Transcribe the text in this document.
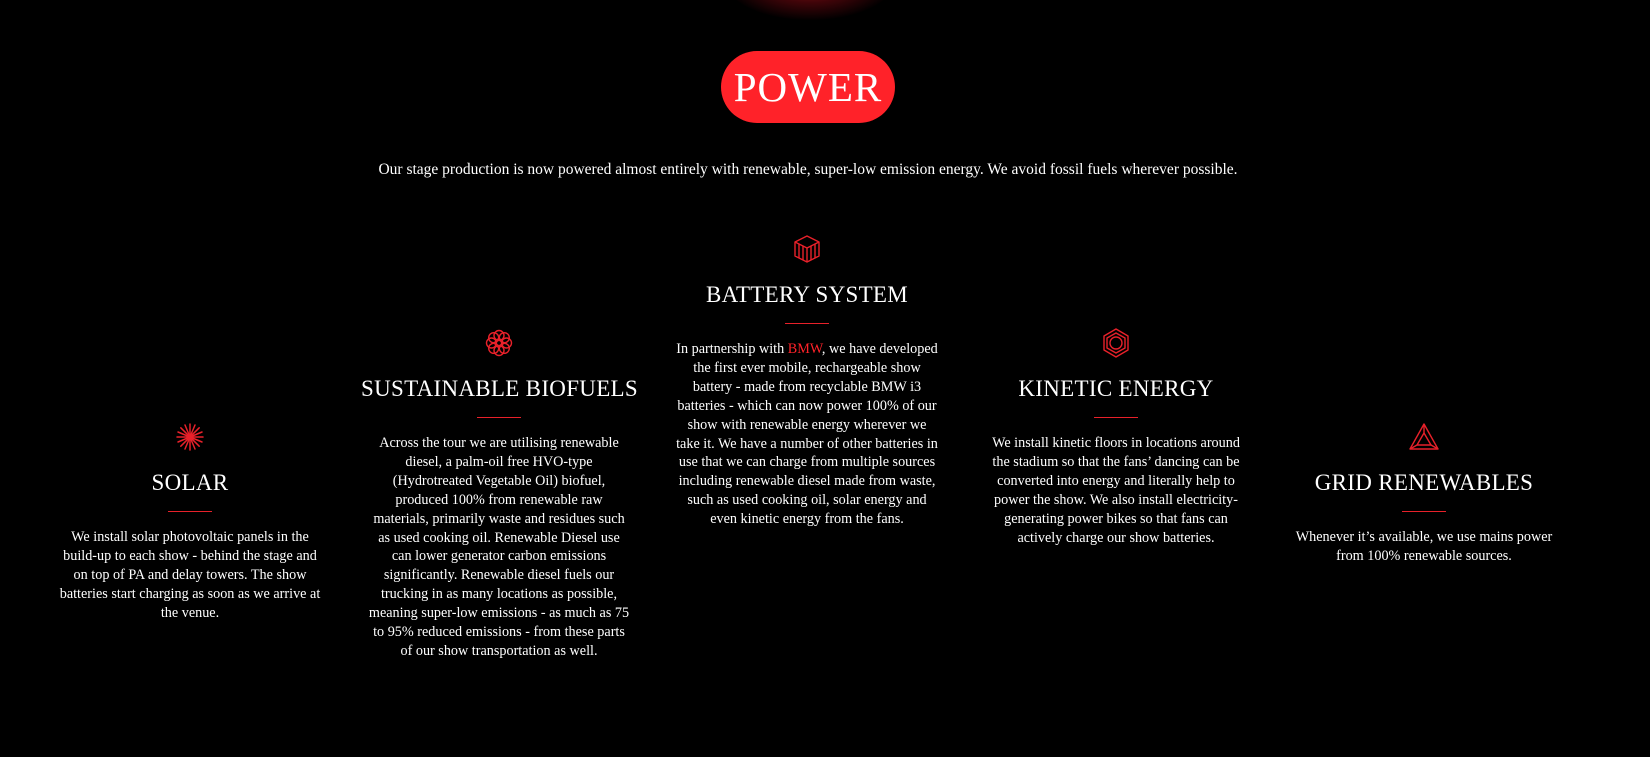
POWER
Our stage production is now powered almost entirely with renewable, super-low emission energy. We avoid fossil fuels wherever possible.
SOLAR
We install solar photovoltaic panels in the build-up to each show - behind the stage and on top of PA and delay towers. The show batteries start charging as soon as we arrive at the venue.
SUSTAINABLE BIOFUELS
Across the tour we are utilising renewable diesel, a palm-oil free HVO-type (Hydrotreated Vegetable Oil) biofuel, produced 100% from renewable raw materials, primarily waste and residues such as used cooking oil. Renewable Diesel use can lower generator carbon emissions significantly. Renewable diesel fuels our trucking in as many locations as possible, meaning super-low emissions - as much as 75 to 95% reduced emissions - from these parts of our show transportation as well.
BATTERY SYSTEM
In partnership with BMW, we have developed the first ever mobile, rechargeable show battery - made from recyclable BMW i3 batteries - which can now power 100% of our show with renewable energy wherever we take it. We have a number of other batteries in use that we can charge from multiple sources including renewable diesel made from waste, such as used cooking oil, solar energy and even kinetic energy from the fans.
KINETIC ENERGY
We install kinetic floors in locations around the stadium so that the fans’ dancing can be converted into energy and literally help to power the show. We also install electricity-generating power bikes so that fans can actively charge our show batteries.
GRID RENEWABLES
Whenever it’s available, we use mains power from 100% renewable sources.
